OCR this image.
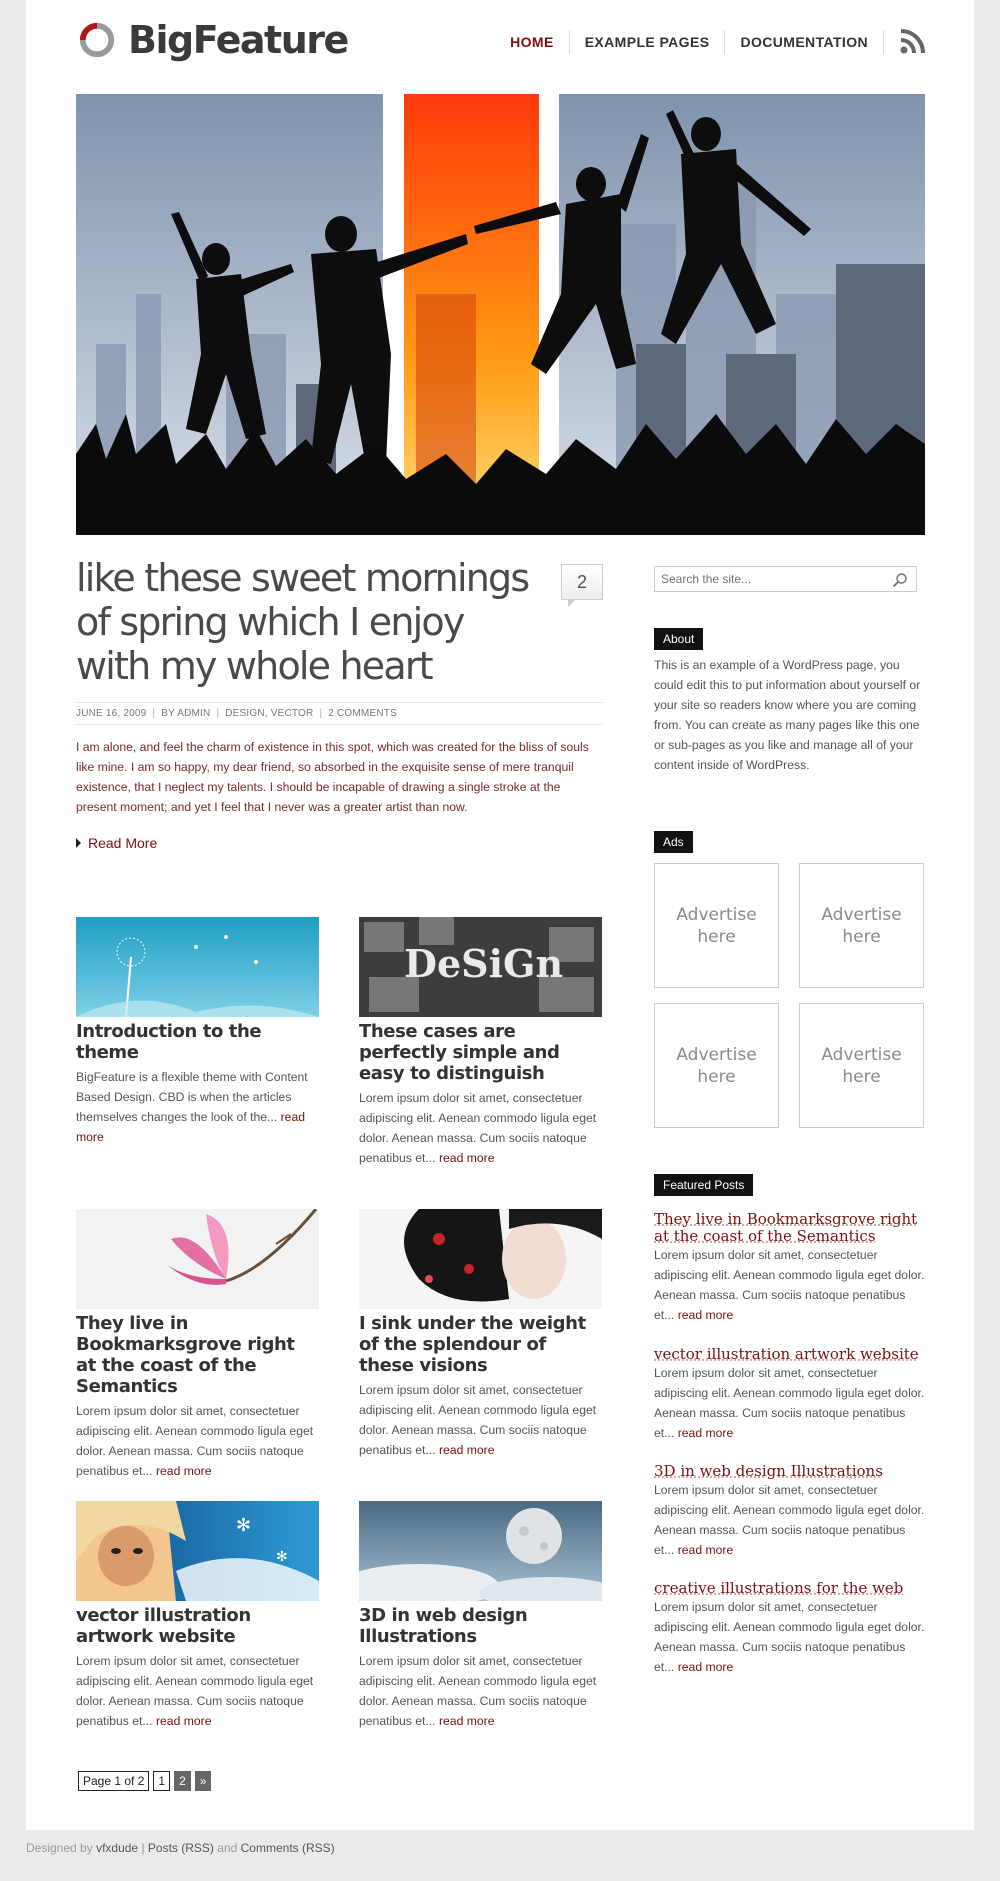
BigFeature	HOME	EXAMPLE PAGES	DOCUMENTATION
like these sweet mornings of spring which I enjoy with my whole heart
2
JUNE 16, 2009 | BY ADMIN | DESIGN, VECTOR | 2 COMMENTS

I am alone, and feel the charm of existence in this spot, which was created for the bliss of souls like mine. I am so happy, my dear friend, so absorbed in the exquisite sense of mere tranquil existence, that I neglect my talents. I should be incapable of drawing a single stroke at the present moment; and yet I feel that I never was a greater artist than now.

Read More
Introduction to the theme

BigFeature is a flexible theme with Content Based Design. CBD is when the articles themselves changes the look of the... read more

DeSiGn
These cases are perfectly simple and easy to distinguish

Lorem ipsum dolor sit amet, consectetuer adipiscing elit. Aenean commodo ligula eget dolor. Aenean massa. Cum sociis natoque penatibus et... read more

They live in Bookmarksgrove right at the coast of the Semantics

Lorem ipsum dolor sit amet, consectetuer adipiscing elit. Aenean commodo ligula eget dolor. Aenean massa. Cum sociis natoque penatibus et... read more

I sink under the weight of the splendour of these visions

Lorem ipsum dolor sit amet, consectetuer adipiscing elit. Aenean commodo ligula eget dolor. Aenean massa. Cum sociis natoque penatibus et... read more

✻
✻
vector illustration artwork website

Lorem ipsum dolor sit amet, consectetuer adipiscing elit. Aenean commodo ligula eget dolor. Aenean massa. Cum sociis natoque penatibus et... read more

3D in web design Illustrations

Lorem ipsum dolor sit amet, consectetuer adipiscing elit. Aenean commodo ligula eget dolor. Aenean massa. Cum sociis natoque penatibus et... read more

Page 1 of 2	1	2	»
Search the site...
About

This is an example of a WordPress page, you could edit this to put information about yourself or your site so readers know where you are coming from. You can create as many pages like this one or sub-pages as you like and manage all of your content inside of WordPress.

Ads
Advertise here
Advertise here
Advertise here
Advertise here
Featured Posts
They live in Bookmarksgrove right at the coast of the Semantics

Lorem ipsum dolor sit amet, consectetuer adipiscing elit. Aenean commodo ligula eget dolor. Aenean massa. Cum sociis natoque penatibus et... read more

vector illustration artwork website

Lorem ipsum dolor sit amet, consectetuer adipiscing elit. Aenean commodo ligula eget dolor. Aenean massa. Cum sociis natoque penatibus et... read more

3D in web design Illustrations

Lorem ipsum dolor sit amet, consectetuer adipiscing elit. Aenean commodo ligula eget dolor. Aenean massa. Cum sociis natoque penatibus et... read more

creative illustrations for the web

Lorem ipsum dolor sit amet, consectetuer adipiscing elit. Aenean commodo ligula eget dolor. Aenean massa. Cum sociis natoque penatibus et... read more

Designed by vfxdude | Posts (RSS) and Comments (RSS)
